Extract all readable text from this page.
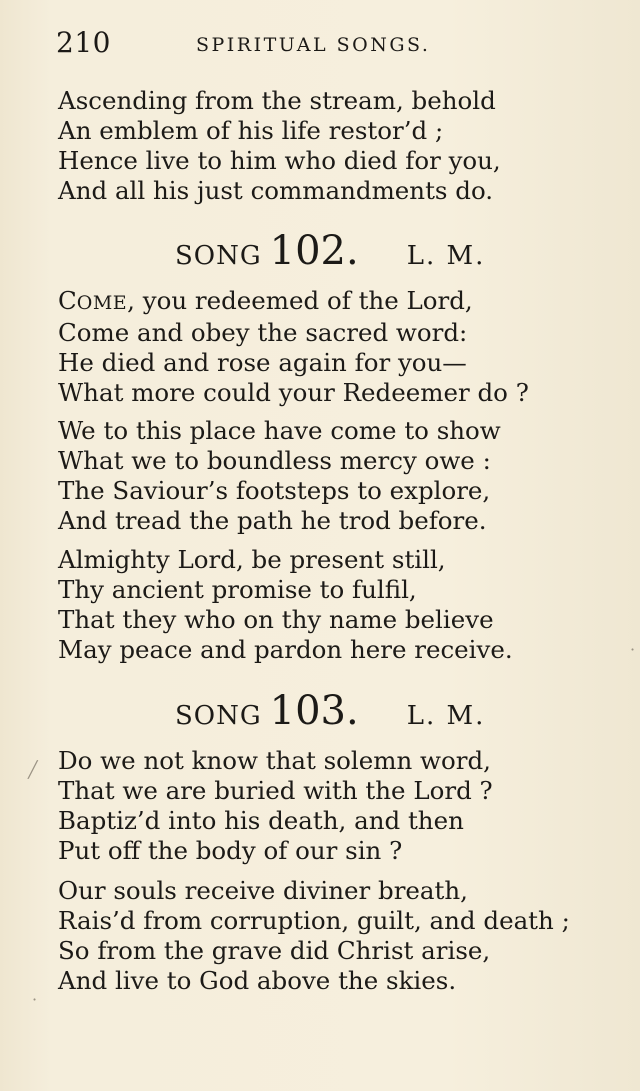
210	SPIRITUAL SONGS.
Ascending from the stream, behold
An emblem of his life restor’d ;
Hence live to him who died for you,
And all his just commandments do.
SONG 102. L. M.
COME, you redeemed of the Lord,
Come and obey the sacred word:
He died and rose again for you—
What more could your Redeemer do ?
We to this place have come to show
What we to boundless mercy owe :
The Saviour’s footsteps to explore,
And tread the path he trod before.
Almighty Lord, be present still,
Thy ancient promise to fulfil,
That they who on thy name believe
May peace and pardon here receive.
SONG 103. L. M.
Do we not know that solemn word,
That we are buried with the Lord ?
Baptiz’d into his death, and then
Put off the body of our sin ?
Our souls receive diviner breath,
Rais’d from corruption, guilt, and death ;
So from the grave did Christ arise,
And live to God above the skies.
╱
·
·
